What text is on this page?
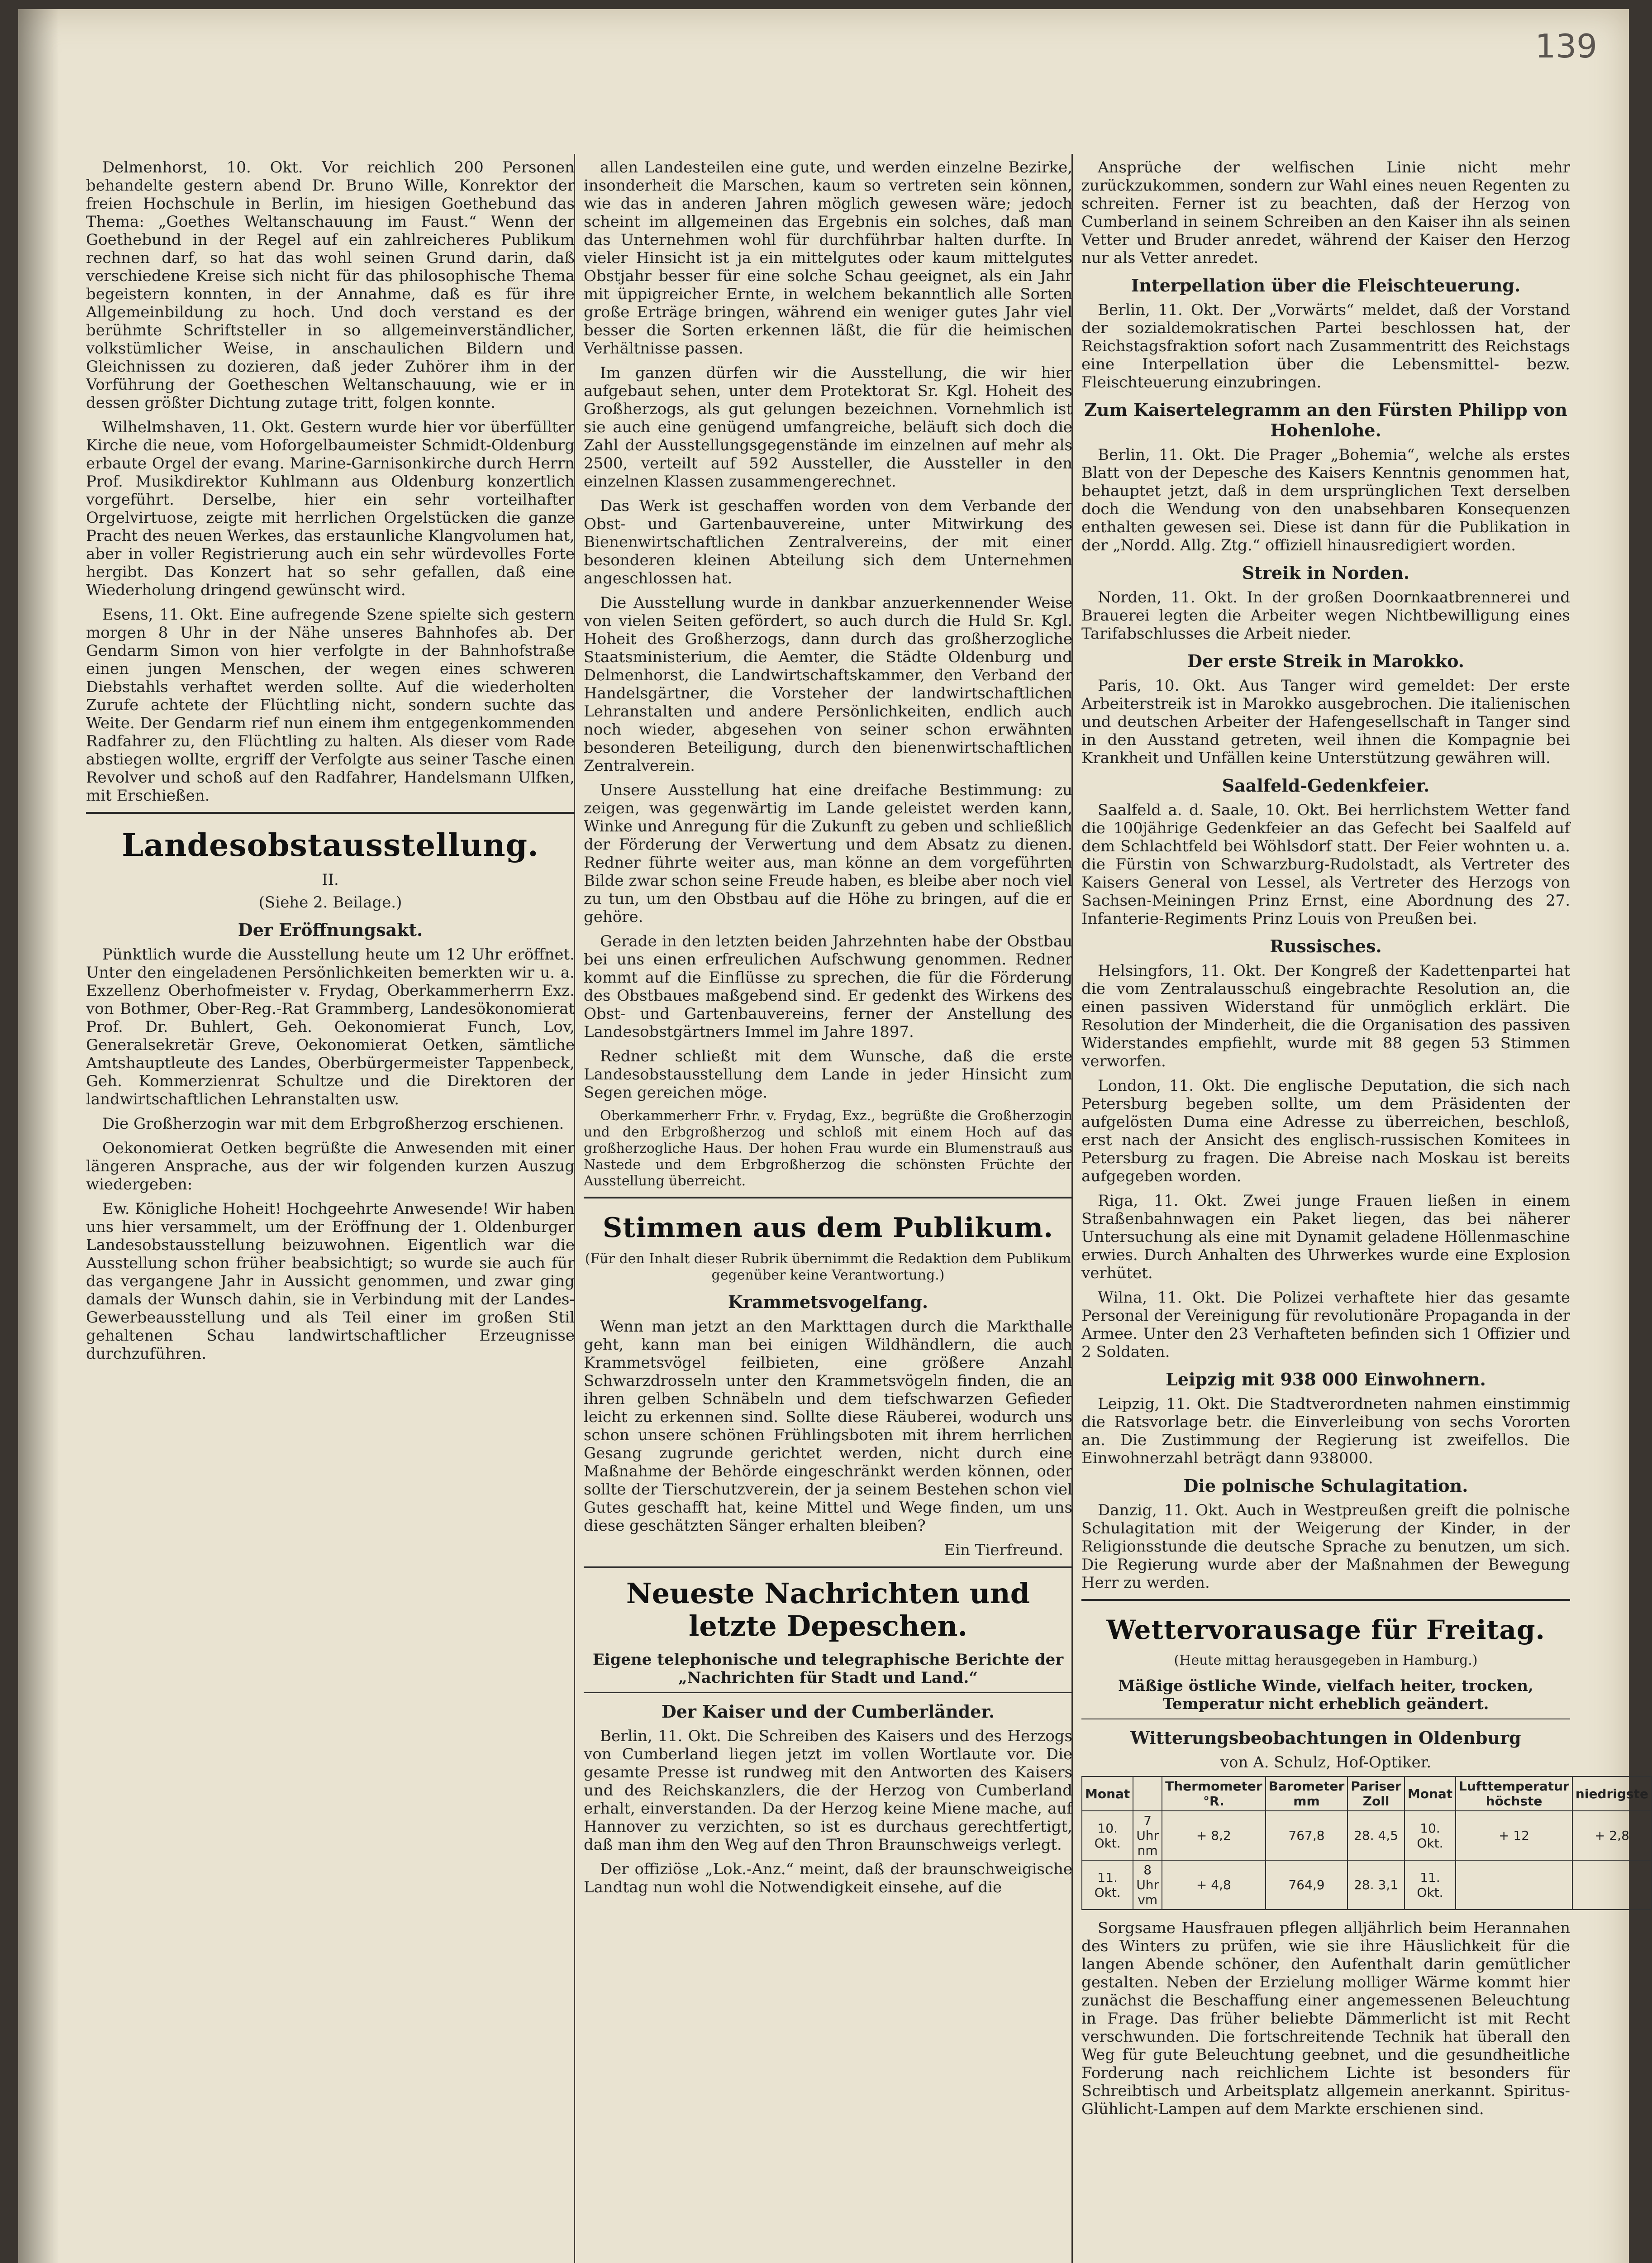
139

Delmenhorst, 10. Okt. Vor reichlich 200 Personen behandelte gestern abend Dr. Bruno Wille, Konrektor der freien Hochschule in Berlin, im hiesigen Goethebund das Thema: „Goethes Weltanschauung im Faust.“ Wenn der Goethebund in der Regel auf ein zahlreicheres Publikum rechnen darf, so hat das wohl seinen Grund darin, daß verschiedene Kreise sich nicht für das philosophische Thema begeistern konnten, in der Annahme, daß es für ihre Allgemeinbildung zu hoch. Und doch verstand es der berühmte Schriftsteller in so allgemeinverständlicher, volkstümlicher Weise, in anschaulichen Bildern und Gleichnissen zu dozieren, daß jeder Zuhörer ihm in der Vorführung der Goetheschen Weltanschauung, wie er in dessen größter Dichtung zutage tritt, folgen konnte.

Wilhelmshaven, 11. Okt. Gestern wurde hier vor überfüllter Kirche die neue, vom Hoforgelbaumeister Schmidt-Oldenburg erbaute Orgel der evang. Marine-Garnisonkirche durch Herrn Prof. Musikdirektor Kuhlmann aus Oldenburg konzertlich vorgeführt. Derselbe, hier ein sehr vorteilhafter Orgelvirtuose, zeigte mit herrlichen Orgelstücken die ganze Pracht des neuen Werkes, das erstaunliche Klangvolumen hat, aber in voller Registrierung auch ein sehr würdevolles Forte hergibt. Das Konzert hat so sehr gefallen, daß eine Wiederholung dringend gewünscht wird.

Esens, 11. Okt. Eine aufregende Szene spielte sich gestern morgen 8 Uhr in der Nähe unseres Bahnhofes ab. Der Gendarm Simon von hier verfolgte in der Bahnhofstraße einen jungen Menschen, der wegen eines schweren Diebstahls verhaftet werden sollte. Auf die wiederholten Zurufe achtete der Flüchtling nicht, sondern suchte das Weite. Der Gendarm rief nun einem ihm entgegenkommenden Radfahrer zu, den Flüchtling zu halten. Als dieser vom Rade abstiegen wollte, ergriff der Verfolgte aus seiner Tasche einen Revolver und schoß auf den Radfahrer, Handelsmann Ulfken, mit Erschießen.

Landesobstausstellung.
II.
(Siehe 2. Beilage.)
Der Eröffnungsakt.

Pünktlich wurde die Ausstellung heute um 12 Uhr eröffnet. Unter den eingeladenen Persönlichkeiten bemerkten wir u. a. Exzellenz Oberhofmeister v. Frydag, Oberkammerherrn Exz. von Bothmer, Ober-Reg.-Rat Grammberg, Landesökonomierat Prof. Dr. Buhlert, Geh. Oekonomierat Funch, Lov, Generalsekretär Greve, Oekonomierat Oetken, sämtliche Amtshauptleute des Landes, Oberbürgermeister Tappenbeck, Geh. Kommerzienrat Schultze und die Direktoren der landwirtschaftlichen Lehranstalten usw.

Die Großherzogin war mit dem Erbgroßherzog erschienen.

Oekonomierat Oetken begrüßte die Anwesenden mit einer längeren Ansprache, aus der wir folgenden kurzen Auszug wiedergeben:

Ew. Königliche Hoheit! Hochgeehrte Anwesende! Wir haben uns hier versammelt, um der Eröffnung der 1. Oldenburger Landesobstausstellung beizuwohnen. Eigentlich war die Ausstellung schon früher beabsichtigt; so wurde sie auch für das vergangene Jahr in Aussicht genommen, und zwar ging damals der Wunsch dahin, sie in Verbindung mit der Landes-Gewerbeausstellung und als Teil einer im großen Stil gehaltenen Schau landwirtschaftlicher Erzeugnisse durchzuführen.

allen Landesteilen eine gute, und werden einzelne Bezirke, insonderheit die Marschen, kaum so vertreten sein können, wie das in anderen Jahren möglich gewesen wäre; jedoch scheint im allgemeinen das Ergebnis ein solches, daß man das Unternehmen wohl für durchführbar halten durfte. In vieler Hinsicht ist ja ein mittelgutes oder kaum mittelgutes Obstjahr besser für eine solche Schau geeignet, als ein Jahr mit üppigreicher Ernte, in welchem bekanntlich alle Sorten große Erträge bringen, während ein weniger gutes Jahr viel besser die Sorten erkennen läßt, die für die heimischen Verhältnisse passen.

Im ganzen dürfen wir die Ausstellung, die wir hier aufgebaut sehen, unter dem Protektorat Sr. Kgl. Hoheit des Großherzogs, als gut gelungen bezeichnen. Vornehmlich ist sie auch eine genügend umfangreiche, beläuft sich doch die Zahl der Ausstellungsgegenstände im einzelnen auf mehr als 2500, verteilt auf 592 Aussteller, die Aussteller in den einzelnen Klassen zusammengerechnet.

Das Werk ist geschaffen worden von dem Verbande der Obst- und Gartenbauvereine, unter Mitwirkung des Bienenwirtschaftlichen Zentralvereins, der mit einer besonderen kleinen Abteilung sich dem Unternehmen angeschlossen hat.

Die Ausstellung wurde in dankbar anzuerkennender Weise von vielen Seiten gefördert, so auch durch die Huld Sr. Kgl. Hoheit des Großherzogs, dann durch das großherzogliche Staatsministerium, die Aemter, die Städte Oldenburg und Delmenhorst, die Landwirtschaftskammer, den Verband der Handelsgärtner, die Vorsteher der landwirtschaftlichen Lehranstalten und andere Persönlichkeiten, endlich auch noch wieder, abgesehen von seiner schon erwähnten besonderen Beteiligung, durch den bienenwirtschaftlichen Zentralverein.

Unsere Ausstellung hat eine dreifache Bestimmung: zu zeigen, was gegenwärtig im Lande geleistet werden kann, Winke und Anregung für die Zukunft zu geben und schließlich der Förderung der Verwertung und dem Absatz zu dienen. Redner führte weiter aus, man könne an dem vorgeführten Bilde zwar schon seine Freude haben, es bleibe aber noch viel zu tun, um den Obstbau auf die Höhe zu bringen, auf die er gehöre.

Gerade in den letzten beiden Jahrzehnten habe der Obstbau bei uns einen erfreulichen Aufschwung genommen. Redner kommt auf die Einflüsse zu sprechen, die für die Förderung des Obstbaues maßgebend sind. Er gedenkt des Wirkens des Obst- und Gartenbauvereins, ferner der Anstellung des Landesobstgärtners Immel im Jahre 1897.

Redner schließt mit dem Wunsche, daß die erste Landesobstausstellung dem Lande in jeder Hinsicht zum Segen gereichen möge.

Oberkammerherr Frhr. v. Frydag, Exz., begrüßte die Großherzogin und den Erbgroßherzog und schloß mit einem Hoch auf das großherzogliche Haus. Der hohen Frau wurde ein Blumenstrauß aus Nastede und dem Erbgroßherzog die schönsten Früchte der Ausstellung überreicht.

Stimmen aus dem Publikum.
(Für den Inhalt dieser Rubrik übernimmt die Redaktion dem Publikum gegenüber keine Verantwortung.)
Krammetsvogelfang.

Wenn man jetzt an den Markttagen durch die Markthalle geht, kann man bei einigen Wildhändlern, die auch Krammetsvögel feilbieten, eine größere Anzahl Schwarzdrosseln unter den Krammetsvögeln finden, die an ihren gelben Schnäbeln und dem tiefschwarzen Gefieder leicht zu erkennen sind. Sollte diese Räuberei, wodurch uns schon unsere schönen Frühlingsboten mit ihrem herrlichen Gesang zugrunde gerichtet werden, nicht durch eine Maßnahme der Behörde eingeschränkt werden können, oder sollte der Tierschutzverein, der ja seinem Bestehen schon viel Gutes geschafft hat, keine Mittel und Wege finden, um uns diese geschätzten Sänger erhalten bleiben?

Ein Tierfreund.
Neueste Nachrichten und letzte Depeschen.
Eigene telephonische und telegraphische Berichte der „Nachrichten für Stadt und Land.“
Der Kaiser und der Cumberländer.

Berlin, 11. Okt. Die Schreiben des Kaisers und des Herzogs von Cumberland liegen jetzt im vollen Wortlaute vor. Die gesamte Presse ist rundweg mit den Antworten des Kaisers und des Reichskanzlers, die der Herzog von Cumberland erhalt, einverstanden. Da der Herzog keine Miene mache, auf Hannover zu verzichten, so ist es durchaus gerechtfertigt, daß man ihm den Weg auf den Thron Braunschweigs verlegt.

Der offiziöse „Lok.-Anz.“ meint, daß der braunschweigische Landtag nun wohl die Notwendigkeit einsehe, auf die

Ansprüche der welfischen Linie nicht mehr zurückzukommen, sondern zur Wahl eines neuen Regenten zu schreiten. Ferner ist zu beachten, daß der Herzog von Cumberland in seinem Schreiben an den Kaiser ihn als seinen Vetter und Bruder anredet, während der Kaiser den Herzog nur als Vetter anredet.

Interpellation über die Fleischteuerung.

Berlin, 11. Okt. Der „Vorwärts“ meldet, daß der Vorstand der sozialdemokratischen Partei beschlossen hat, der Reichstagsfraktion sofort nach Zusammentritt des Reichstags eine Interpellation über die Lebensmittel- bezw. Fleischteuerung einzubringen.

Zum Kaisertelegramm an den Fürsten Philipp von Hohenlohe.

Berlin, 11. Okt. Die Prager „Bohemia“, welche als erstes Blatt von der Depesche des Kaisers Kenntnis genommen hat, behauptet jetzt, daß in dem ursprünglichen Text derselben doch die Wendung von den unabsehbaren Konsequenzen enthalten gewesen sei. Diese ist dann für die Publikation in der „Nordd. Allg. Ztg.“ offiziell hinausredigiert worden.

Streik in Norden.

Norden, 11. Okt. In der großen Doornkaatbrennerei und Brauerei legten die Arbeiter wegen Nichtbewilligung eines Tarifabschlusses die Arbeit nieder.

Der erste Streik in Marokko.

Paris, 10. Okt. Aus Tanger wird gemeldet: Der erste Arbeiterstreik ist in Marokko ausgebrochen. Die italienischen und deutschen Arbeiter der Hafengesellschaft in Tanger sind in den Ausstand getreten, weil ihnen die Kompagnie bei Krankheit und Unfällen keine Unterstützung gewähren will.

Saalfeld-Gedenkfeier.

Saalfeld a. d. Saale, 10. Okt. Bei herrlichstem Wetter fand die 100jährige Gedenkfeier an das Gefecht bei Saalfeld auf dem Schlachtfeld bei Wöhlsdorf statt. Der Feier wohnten u. a. die Fürstin von Schwarzburg-Rudolstadt, als Vertreter des Kaisers General von Lessel, als Vertreter des Herzogs von Sachsen-Meiningen Prinz Ernst, eine Abordnung des 27. Infanterie-Regiments Prinz Louis von Preußen bei.

Russisches.

Helsingfors, 11. Okt. Der Kongreß der Kadettenpartei hat die vom Zentralausschuß eingebrachte Resolution an, die einen passiven Widerstand für unmöglich erklärt. Die Resolution der Minderheit, die die Organisation des passiven Widerstandes empfiehlt, wurde mit 88 gegen 53 Stimmen verworfen.

London, 11. Okt. Die englische Deputation, die sich nach Petersburg begeben sollte, um dem Präsidenten der aufgelösten Duma eine Adresse zu überreichen, beschloß, erst nach der Ansicht des englisch-russischen Komitees in Petersburg zu fragen. Die Abreise nach Moskau ist bereits aufgegeben worden.

Riga, 11. Okt. Zwei junge Frauen ließen in einem Straßenbahnwagen ein Paket liegen, das bei näherer Untersuchung als eine mit Dynamit geladene Höllenmaschine erwies. Durch Anhalten des Uhrwerkes wurde eine Explosion verhütet.

Wilna, 11. Okt. Die Polizei verhaftete hier das gesamte Personal der Vereinigung für revolutionäre Propaganda in der Armee. Unter den 23 Verhafteten befinden sich 1 Offizier und 2 Soldaten.

Leipzig mit 938 000 Einwohnern.

Leipzig, 11. Okt. Die Stadtverordneten nahmen einstimmig die Ratsvorlage betr. die Einverleibung von sechs Vororten an. Die Zustimmung der Regierung ist zweifellos. Die Einwohnerzahl beträgt dann 938000.

Die polnische Schulagitation.

Danzig, 11. Okt. Auch in Westpreußen greift die polnische Schulagitation mit der Weigerung der Kinder, in der Religionsstunde die deutsche Sprache zu benutzen, um sich. Die Regierung wurde aber der Maßnahmen der Bewegung Herr zu werden.

Wettervorausage für Freitag.
(Heute mittag herausgegeben in Hamburg.)
Mäßige östliche Winde, vielfach heiter, trocken, Temperatur nicht erheblich geändert.
Witterungsbeobachtungen in Oldenburg
von A. Schulz, Hof-Optiker.
Monat		Thermometer °R.	Barometer mm	Pariser Zoll	Monat	Lufttemperatur höchste	niedrigste
10. Okt.	7 Uhr nm	+ 8,2	767,8	28. 4,5	10. Okt.	+ 12	+ 2,8
11. Okt.	8 Uhr vm	+ 4,8	764,9	28. 3,1	11. Okt.		

Sorgsame Hausfrauen pflegen alljährlich beim Herannahen des Winters zu prüfen, wie sie ihre Häuslichkeit für die langen Abende schöner, den Aufenthalt darin gemütlicher gestalten. Neben der Erzielung molliger Wärme kommt hier zunächst die Beschaffung einer angemessenen Beleuchtung in Frage. Das früher beliebte Dämmerlicht ist mit Recht verschwunden. Die fortschreitende Technik hat überall den Weg für gute Beleuchtung geebnet, und die gesundheitliche Forderung nach reichlichem Lichte ist besonders für Schreibtisch und Arbeitsplatz allgemein anerkannt. Spiritus-Glühlicht-Lampen auf dem Markte erschienen sind.
